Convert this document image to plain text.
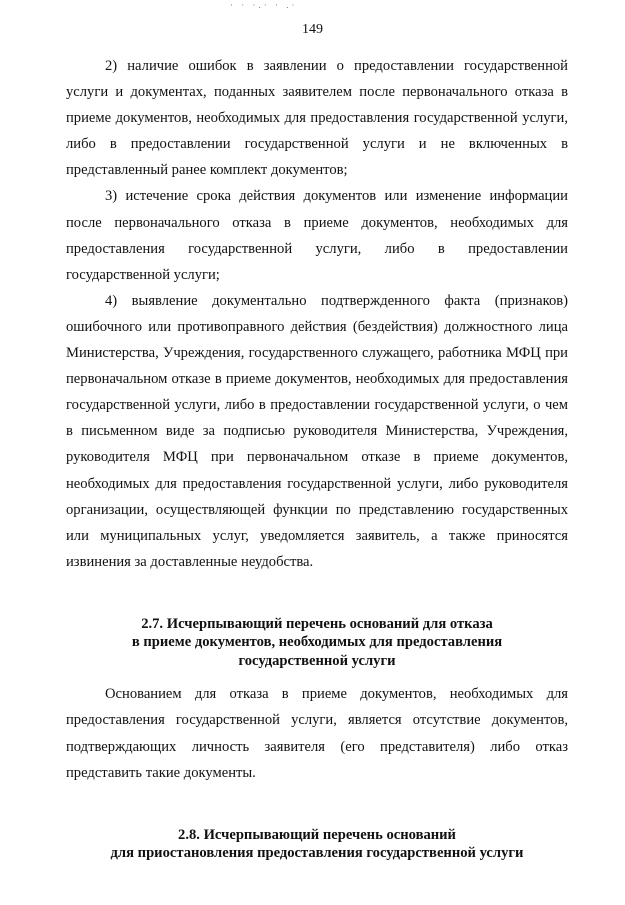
· · ·.· · .·
149

2) наличие ошибок в заявлении о предоставлении государственной услуги и документах, поданных заявителем после первоначального отказа в приеме документов, необходимых для предоставления государственной услуги, либо в предоставлении государственной услуги и не включенных в представленный ранее комплект документов;

3) истечение срока действия документов или изменение информации после первоначального отказа в приеме документов, необходимых для предоставления государственной услуги, либо в предоставлении государственной услуги;

4) выявление документально подтвержденного факта (признаков) ошибочного или противоправного действия (бездействия) должностного лица Министерства, Учреждения, государственного служащего, работника МФЦ при первоначальном отказе в приеме документов, необходимых для предоставления государственной услуги, либо в предоставлении государственной услуги, о чем в письменном виде за подписью руководителя Министерства, Учреждения, руководителя МФЦ при первоначальном отказе в приеме документов, необходимых для предоставления государственной услуги, либо руководителя организации, осуществляющей функции по представлению государственных или муниципальных услуг, уведомляется заявитель, а также приносятся извинения за доставленные неудобства.

2.7. Исчерпывающий перечень оснований для отказа
в приеме документов, необходимых для предоставления
государственной услуги

Основанием для отказа в приеме документов, необходимых для предоставления государственной услуги, является отсутствие документов, подтверждающих личность заявителя (его представителя) либо отказ представить такие документы.

2.8. Исчерпывающий перечень оснований
для приостановления предоставления государственной услуги
